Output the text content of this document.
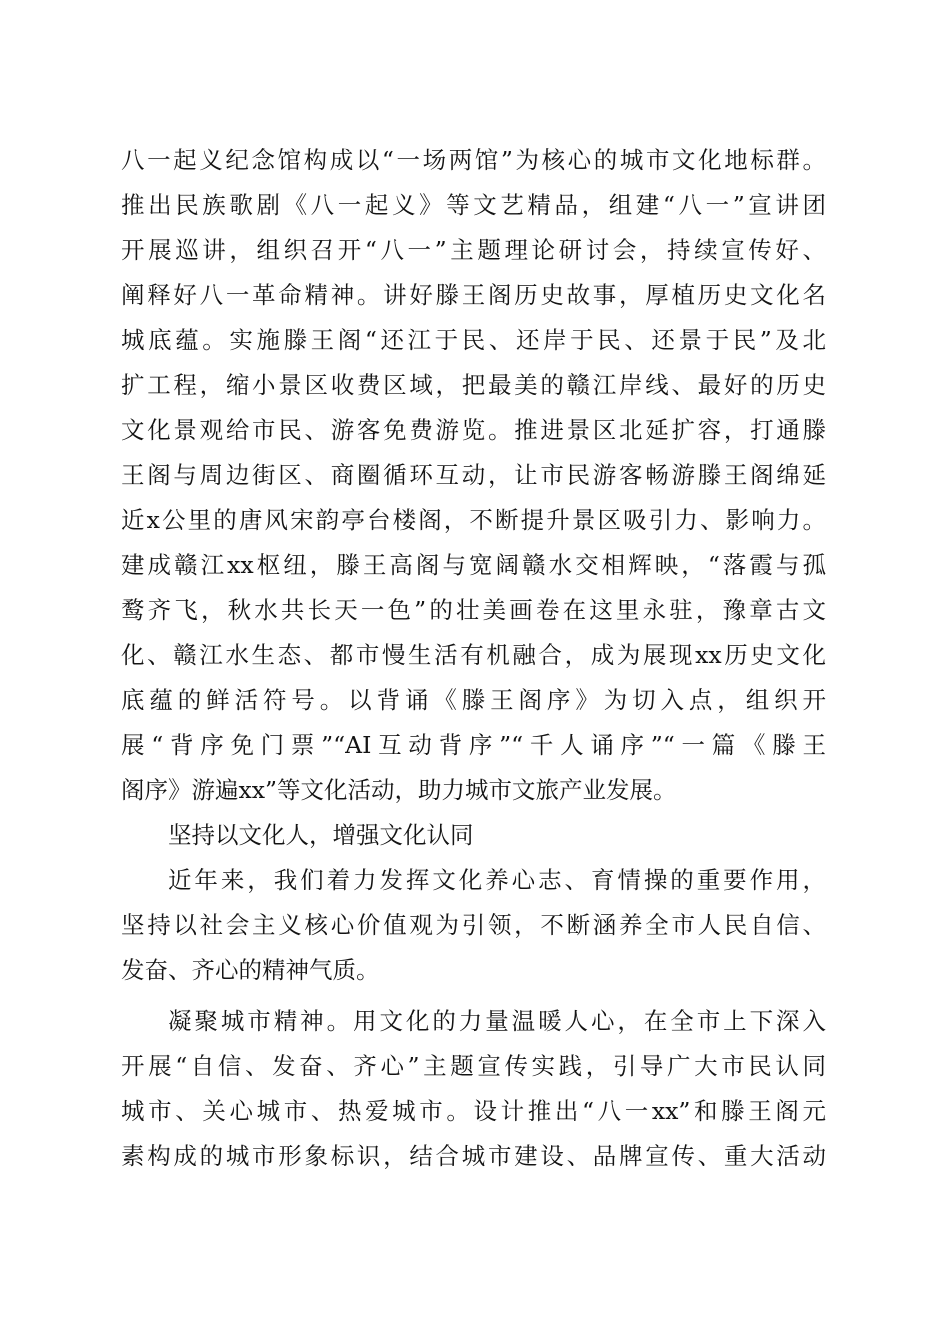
八一起义纪念馆构成以“一场两馆”为核心的城市文化地标群。
推出民族歌剧《八一起义》等文艺精品，组建“八一”宣讲团
开展巡讲，组织召开“八一”主题理论研讨会，持续宣传好、
阐释好八一革命精神。讲好滕王阁历史故事，厚植历史文化名
城底蕴。实施滕王阁“还江于民、还岸于民、还景于民”及北
扩工程，缩小景区收费区域，把最美的赣江岸线、最好的历史
文化景观给市民、游客免费游览。推进景区北延扩容，打通滕
王阁与周边街区、商圈循环互动，让市民游客畅游滕王阁绵延
近x公里的唐风宋韵亭台楼阁，不断提升景区吸引力、影响力。
建成赣江xx枢纽，滕王高阁与宽阔赣水交相辉映，“落霞与孤
鹜齐飞，秋水共长天一色”的壮美画卷在这里永驻，豫章古文
化、赣江水生态、都市慢生活有机融合，成为展现xx历史文化
底蕴的鲜活符号。以背诵《滕王阁序》为切入点，组织开
展“背序免门票”“AI互动背序”“千人诵序”“一篇《滕王
阁序》游遍xx”等文化活动，助力城市文旅产业发展。
坚持以文化人，增强文化认同
近年来，我们着力发挥文化养心志、育情操的重要作用，
坚持以社会主义核心价值观为引领，不断涵养全市人民自信、
发奋、齐心的精神气质。
凝聚城市精神。用文化的力量温暖人心，在全市上下深入
开展“自信、发奋、齐心”主题宣传实践，引导广大市民认同
城市、关心城市、热爱城市。设计推出“八一xx”和滕王阁元
素构成的城市形象标识，结合城市建设、品牌宣传、重大活动
